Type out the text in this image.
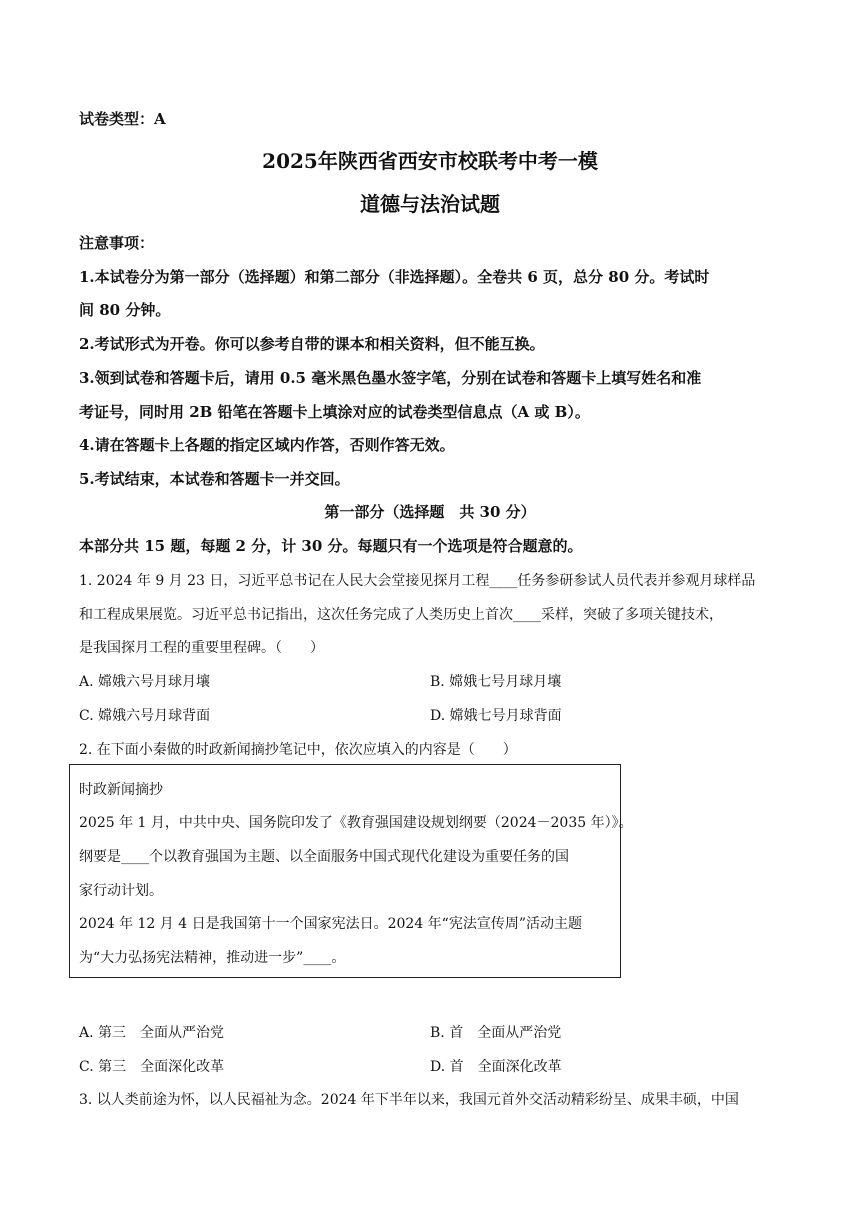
试卷类型：A
2025年陕西省西安市校联考中考一模
道德与法治试题
注意事项：
1.本试卷分为第一部分（选择题）和第二部分（非选择题）。全卷共 6 页，总分 80 分。考试时
间 80 分钟。
2.考试形式为开卷。你可以参考自带的课本和相关资料，但不能互换。
3.领到试卷和答题卡后，请用 0.5 毫米黑色墨水签字笔，分别在试卷和答题卡上填写姓名和准
考证号，同时用 2B 铅笔在答题卡上填涂对应的试卷类型信息点（A 或 B）。
4.请在答题卡上各题的指定区域内作答，否则作答无效。
5.考试结束，本试卷和答题卡一并交回。
第一部分（选择题　共 30 分）
本部分共 15 题，每题 2 分，计 30 分。每题只有一个选项是符合题意的。
1. 2024 年 9 月 23 日，习近平总书记在人民大会堂接见探月工程____任务参研参试人员代表并参观月球样品
和工程成果展览。习近平总书记指出，这次任务完成了人类历史上首次____采样，突破了多项关键技术，
是我国探月工程的重要里程碑。（　　）
A. 嫦娥六号月球月壤	B. 嫦娥七号月球月壤
C. 嫦娥六号月球背面	D. 嫦娥七号月球背面
2. 在下面小秦做的时政新闻摘抄笔记中，依次应填入的内容是（　　）
时政新闻摘抄
2025 年 1 月，中共中央、国务院印发了《教育强国建设规划纲要（2024－2035 年）》。
纲要是____个以教育强国为主题、以全面服务中国式现代化建设为重要任务的国
家行动计划。
2024 年 12 月 4 日是我国第十一个国家宪法日。2024 年“宪法宣传周”活动主题
为“大力弘扬宪法精神，推动进一步”____。
A. 第三　全面从严治党	B. 首　全面从严治党
C. 第三　全面深化改革	D. 首　全面深化改革
3. 以人类前途为怀，以人民福祉为念。2024 年下半年以来，我国元首外交活动精彩纷呈、成果丰硕，中国
